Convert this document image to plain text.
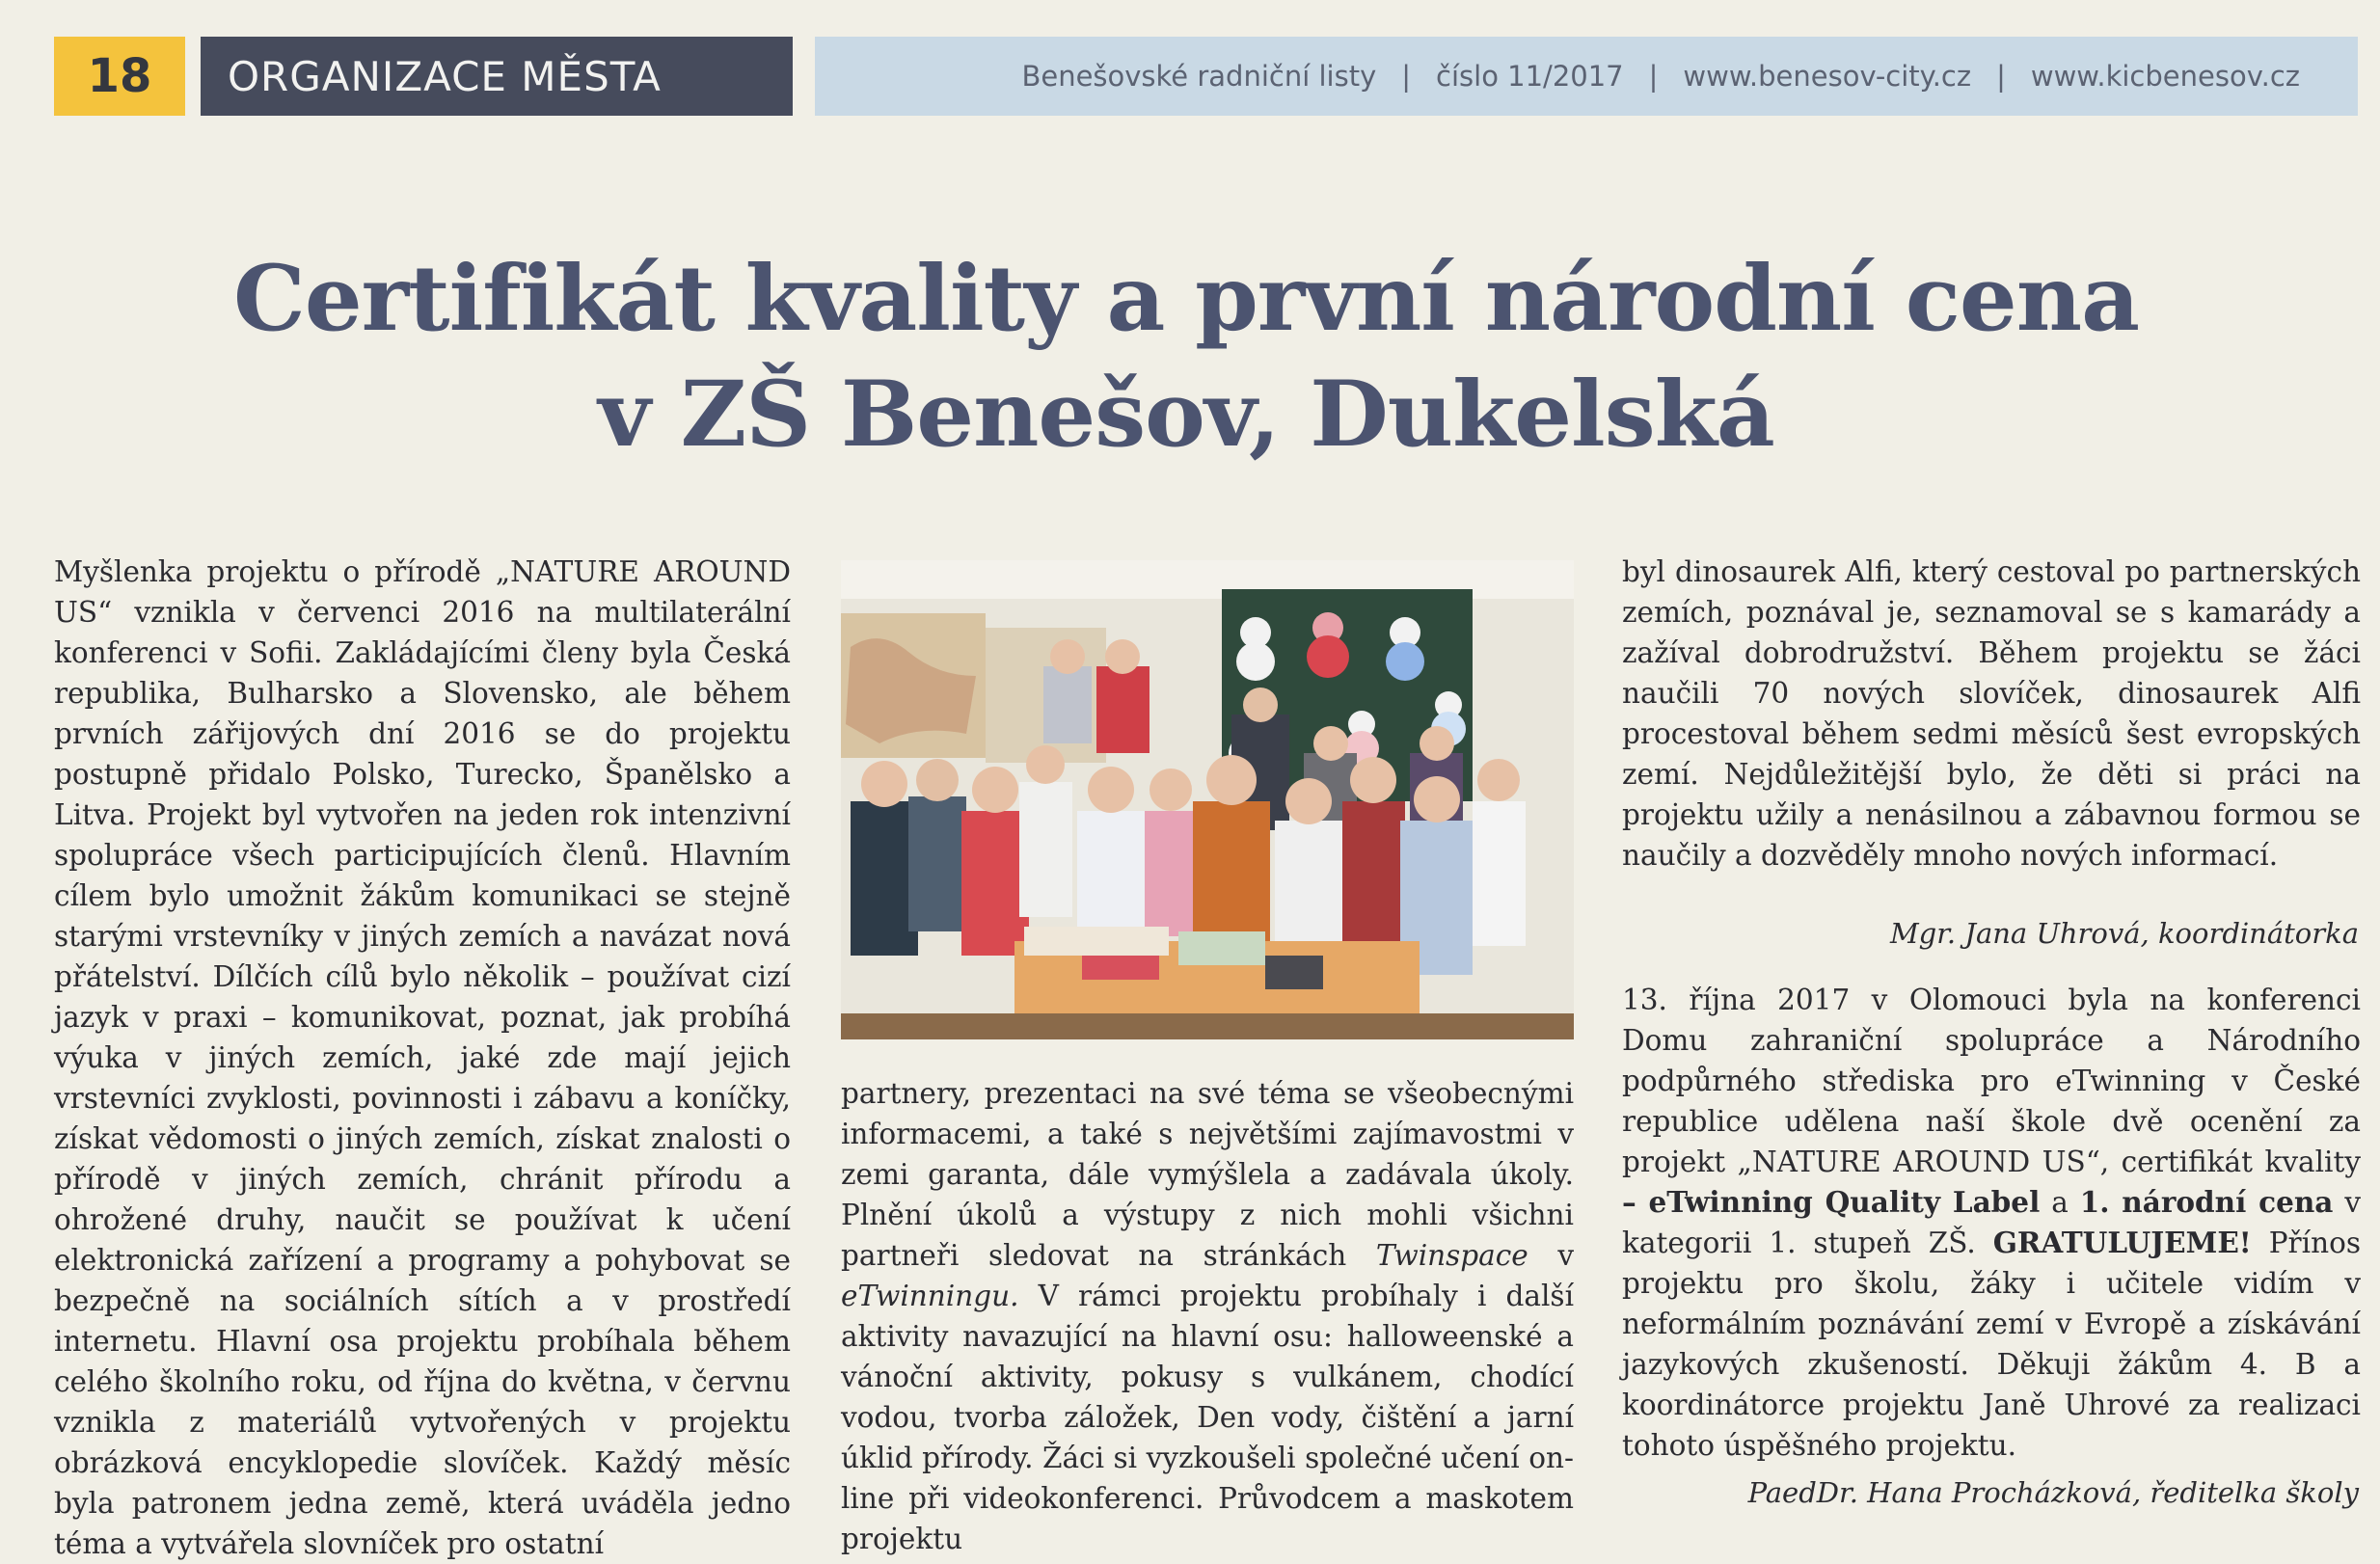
18	ORGANIZACE MĚSTA	Benešovské radniční listy | číslo 11/2017 | www.benesov-city.cz | www.kicbenesov.cz
Certifikát kvality a první národní cena
v ZŠ Benešov, Dukelská

Myšlenka projektu o přírodě „NATURE AROUND US“ vznikla v červenci 2016 na multilaterální konferenci v Sofii. Zakládajícími členy byla Česká republika, Bulharsko a Slovensko, ale během prvních zářijových dní 2016 se do projektu postupně přidalo Polsko, Turecko, Španělsko a Litva. Projekt byl vytvořen na jeden rok intenzivní spolupráce všech participujících členů. Hlavním cílem bylo umožnit žákům komunikaci se stejně starými vrstevníky v jiných zemích a navázat nová přátelství. Dílčích cílů bylo několik – používat cizí jazyk v praxi – komunikovat, poznat, jak probíhá výuka v jiných zemích, jaké zde mají jejich vrstevníci zvyklosti, povinnosti i zábavu a koníčky, získat vědomosti o jiných zemích, získat znalosti o přírodě v jiných zemích, chránit přírodu a ohrožené druhy, naučit se používat k učení elektronická zařízení a programy a pohybovat se bezpečně na sociálních sítích a v prostředí internetu. Hlavní osa projektu probíhala během celého školního roku, od října do května, v červnu vznikla z materiálů vytvořených v projektu obrázková encyklopedie slovíček. Každý měsíc byla patronem jedna země, která uváděla jedno téma a vytvářela slovníček pro ostatní

partnery, prezentaci na své téma se všeobecnými informacemi, a také s největšími zajímavostmi v zemi garanta, dále vymýšlela a zadávala úkoly. Plnění úkolů a výstupy z nich mohli všichni partneři sledovat na stránkách Twinspace v eTwinningu. V rámci projektu probíhaly i další aktivity navazující na hlavní osu: halloweenské a vánoční aktivity, pokusy s vulkánem, chodící vodou, tvorba záložek, Den vody, čištění a jarní úklid přírody. Žáci si vyzkoušeli společné učení on-line při videokonferenci. Průvodcem a maskotem projektu

byl dinosaurek Alfi, který cestoval po partnerských zemích, poznával je, seznamoval se s kamarády a zažíval dobrodružství. Během projektu se žáci naučili 70 nových slovíček, dinosaurek Alfi procestoval během sedmi měsíců šest evropských zemí. Nejdůležitější bylo, že děti si práci na projektu užily a nenásilnou a zábavnou formou se naučily a dozvěděly mnoho nových informací.

13. října 2017 v Olomouci byla na konferenci Domu zahraniční spolupráce a Národního podpůrného střediska pro eTwinning v České republice udělena naší škole dvě ocenění za projekt „NATURE AROUND US“, certifikát kvality – eTwinning Quality Label a 1. národní cena v kategorii 1. stupeň ZŠ. GRATULUJEME! Přínos projektu pro školu, žáky i učitele vidím v neformálním poznávání zemí v Evropě a získávání jazykových zkušeností. Děkuji žákům 4. B a koordinátorce projektu Janě Uhrové za realizaci tohoto úspěšného projektu.

Mgr. Jana Uhrová, koordinátorka
PaedDr. Hana Procházková, ředitelka školy
